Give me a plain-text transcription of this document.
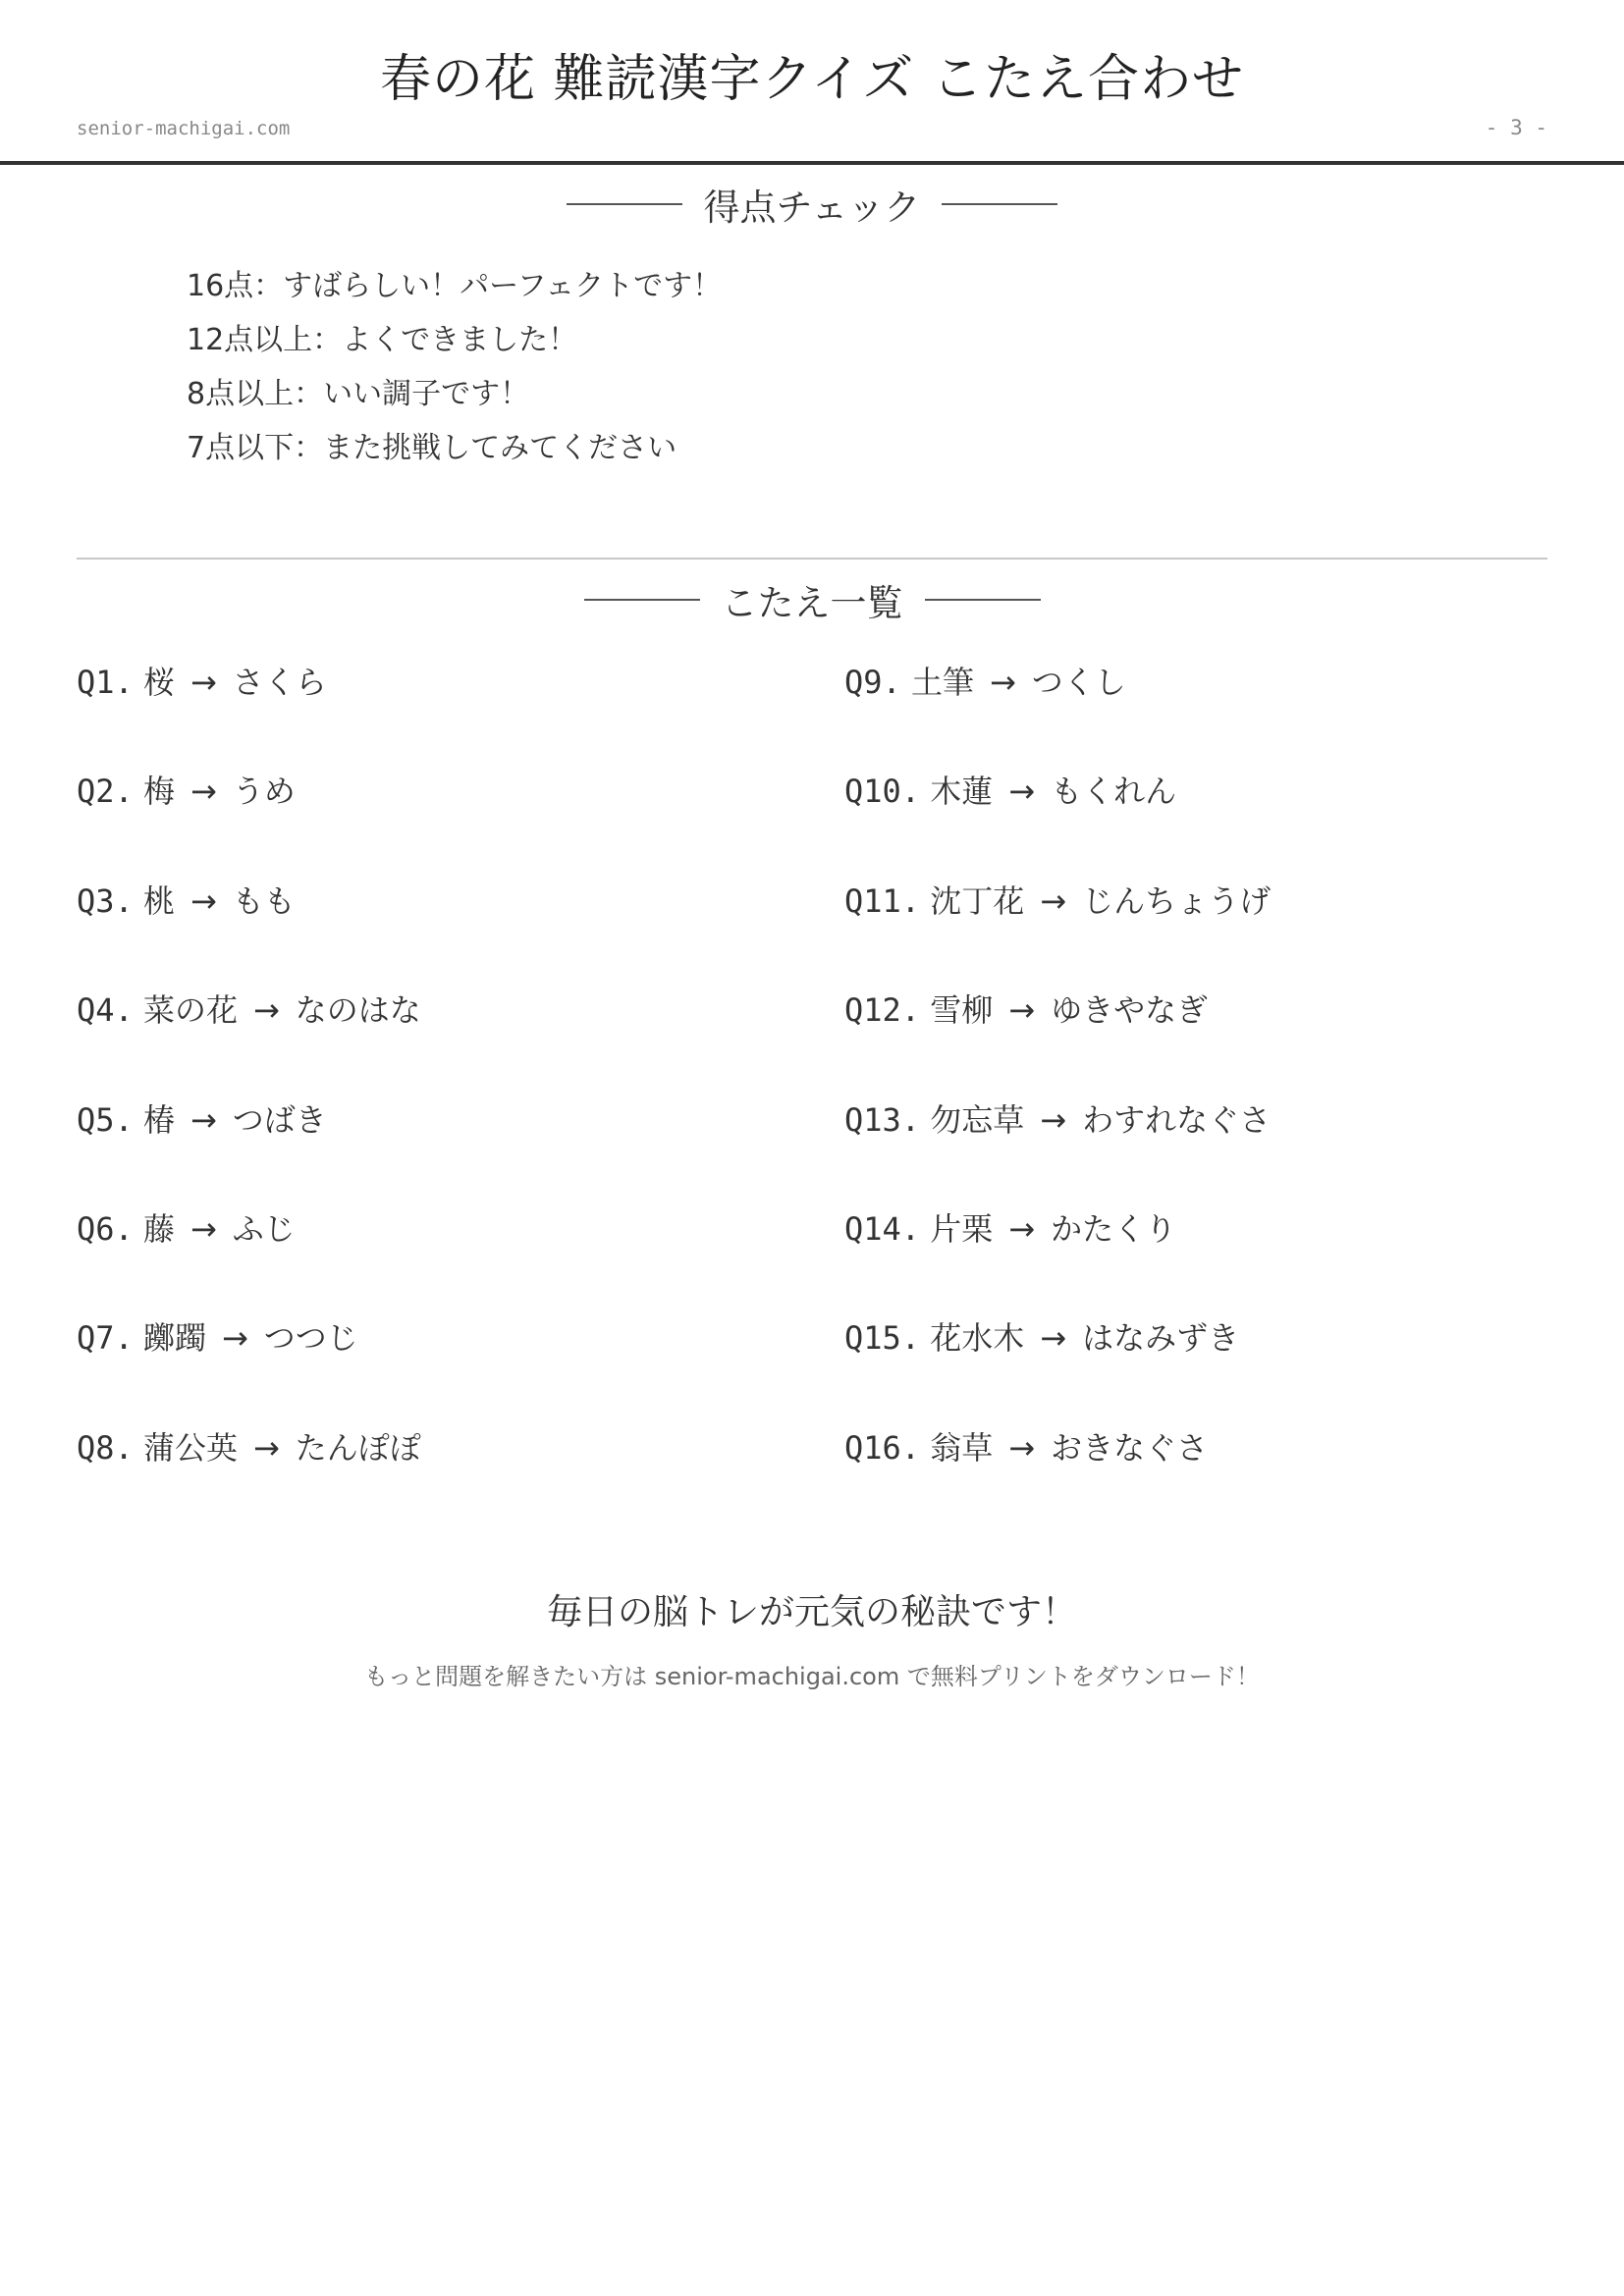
春の花 難読漢字クイズ こたえ合わせ
senior-machigai.com	- 3 -
得点チェック
16点：すばらしい！パーフェクトです！
12点以上：よくできました！
8点以上：いい調子です！
7点以下：また挑戦してみてください
こたえ一覧
Q1. 桜 → さくら
Q2. 梅 → うめ
Q3. 桃 → もも
Q4. 菜の花 → なのはな
Q5. 椿 → つばき
Q6. 藤 → ふじ
Q7. 躑躅 → つつじ
Q8. 蒲公英 → たんぽぽ
Q9. 土筆 → つくし
Q10. 木蓮 → もくれん
Q11. 沈丁花 → じんちょうげ
Q12. 雪柳 → ゆきやなぎ
Q13. 勿忘草 → わすれなぐさ
Q14. 片栗 → かたくり
Q15. 花水木 → はなみずき
Q16. 翁草 → おきなぐさ
毎日の脳トレが元気の秘訣です！
もっと問題を解きたい方は senior-machigai.com で無料プリントをダウンロード！
